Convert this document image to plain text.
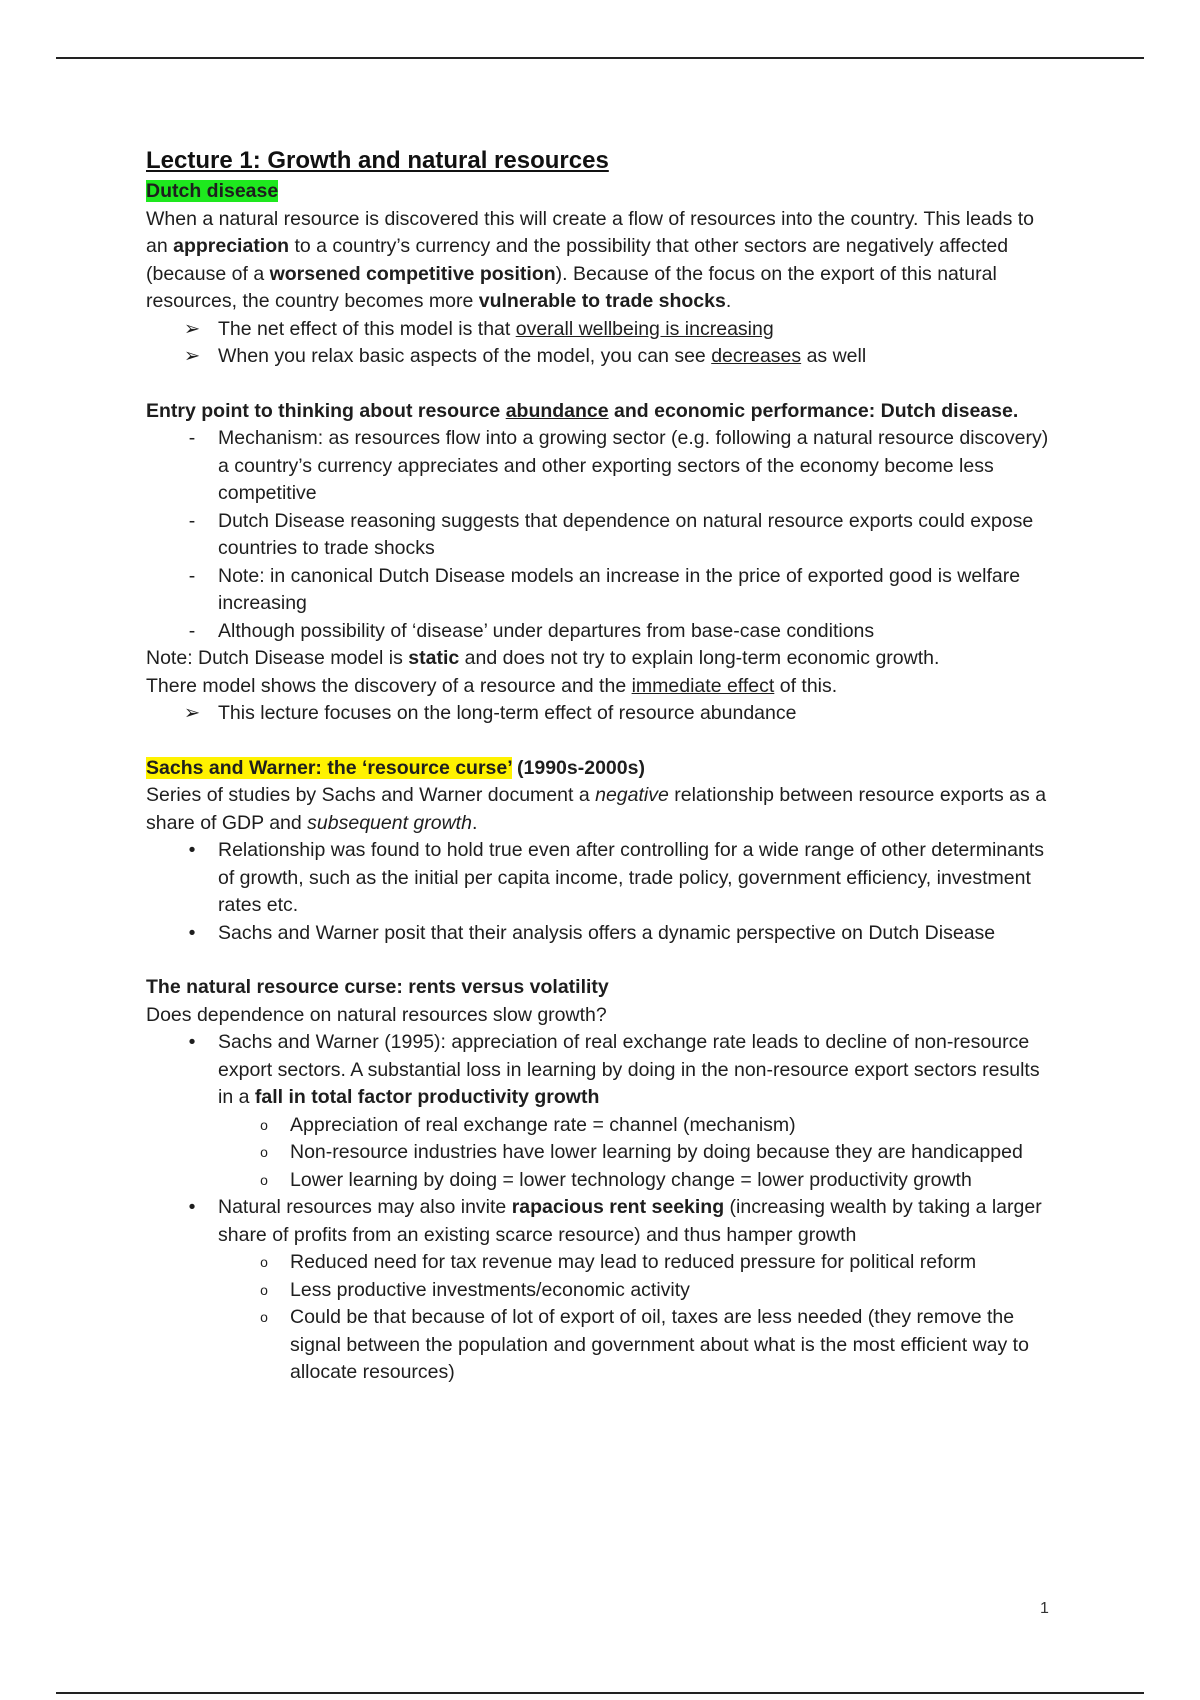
Lecture 1: Growth and natural resources
Dutch disease

When a natural resource is discovered this will create a flow of resources into the country. This leads to an appreciation to a country’s currency and the possibility that other sectors are negatively affected (because of a worsened competitive position). Because of the focus on the export of this natural resources, the country becomes more vulnerable to trade shocks.

➢ The net effect of this model is that overall wellbeing is increasing
➢ When you relax basic aspects of the model, you can see decreases as well

Entry point to thinking about resource abundance and economic performance: Dutch disease.

-	Mechanism: as resources flow into a growing sector (e.g. following a natural resource discovery) a country’s currency appreciates and other exporting sectors of the economy become less competitive
-	Dutch Disease reasoning suggests that dependence on natural resource exports could expose countries to trade shocks
-	Note: in canonical Dutch Disease models an increase in the price of exported good is welfare increasing
-	Although possibility of ‘disease’ under departures from base-case conditions

Note: Dutch Disease model is static and does not try to explain long-term economic growth.

There model shows the discovery of a resource and the immediate effect of this.

➢ This lecture focuses on the long-term effect of resource abundance

Sachs and Warner: the ‘resource curse’ (1990s-2000s)

Series of studies by Sachs and Warner document a negative relationship between resource exports as a share of GDP and subsequent growth.

•	Relationship was found to hold true even after controlling for a wide range of other determinants of growth, such as the initial per capita income, trade policy, government efficiency, investment rates etc.
•	Sachs and Warner posit that their analysis offers a dynamic perspective on Dutch Disease

The natural resource curse: rents versus volatility

Does dependence on natural resources slow growth?

•	Sachs and Warner (1995): appreciation of real exchange rate leads to decline of non-resource export sectors. A substantial loss in learning by doing in the non-resource export sectors results in a fall in total factor productivity growth
o	Appreciation of real exchange rate = channel (mechanism)
o	Non-resource industries have lower learning by doing because they are handicapped
o	Lower learning by doing = lower technology change = lower productivity growth
•	Natural resources may also invite rapacious rent seeking (increasing wealth by taking a larger share of profits from an existing scarce resource) and thus hamper growth
o	Reduced need for tax revenue may lead to reduced pressure for political reform
o	Less productive investments/economic activity
o	Could be that because of lot of export of oil, taxes are less needed (they remove the signal between the population and government about what is the most efficient way to allocate resources)
1
